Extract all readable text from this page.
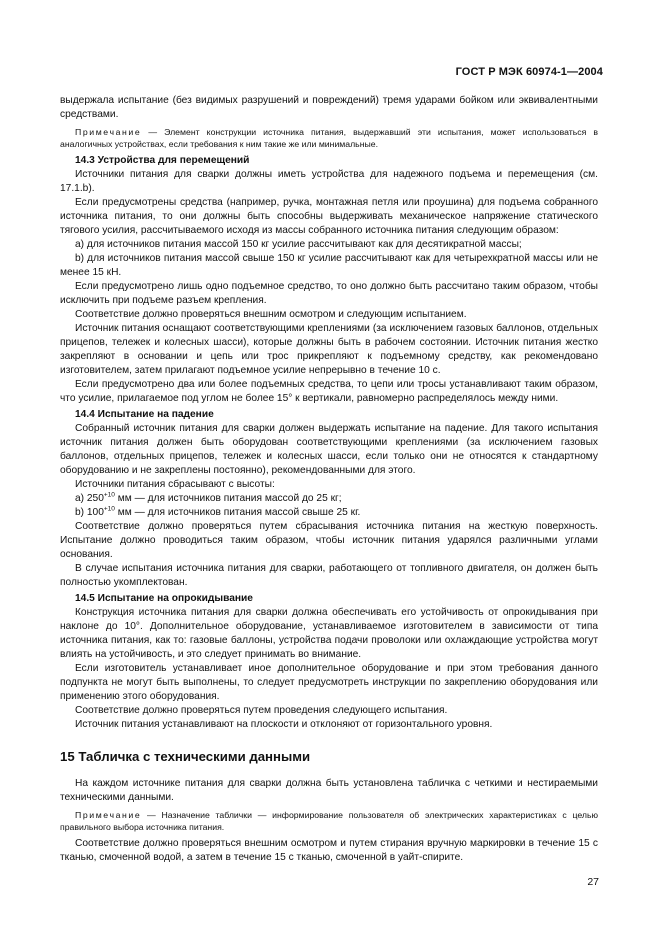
ГОСТ Р МЭК 60974-1—2004

выдержала испытание (без видимых разрушений и повреждений) тремя ударами бойком или эквивалентными средствами.

Примечание — Элемент конструкции источника питания, выдержавший эти испытания, может использоваться в аналогичных устройствах, если требования к ним такие же или минимальные.

14.3 Устройства для перемещений

Источники питания для сварки должны иметь устройства для надежного подъема и перемещения (см. 17.1.b).

Если предусмотрены средства (например, ручка, монтажная петля или проушина) для подъема собранного источника питания, то они должны быть способны выдерживать механическое напряжение статического тягового усилия, рассчитываемого исходя из массы собранного источника питания следующим образом:

a) для источников питания массой 150 кг усилие рассчитывают как для десятикратной массы;

b) для источников питания массой свыше 150 кг усилие рассчитывают как для четырехкратной массы или не менее 15 кН.

Если предусмотрено лишь одно подъемное средство, то оно должно быть рассчитано таким образом, чтобы исключить при подъеме разъем крепления.

Соответствие должно проверяться внешним осмотром и следующим испытанием.

Источник питания оснащают соответствующими креплениями (за исключением газовых баллонов, отдельных прицепов, тележек и колесных шасси), которые должны быть в рабочем состоянии. Источник питания жестко закрепляют в основании и цепь или трос прикрепляют к подъемному средству, как рекомендовано изготовителем, затем прилагают подъемное усилие непрерывно в течение 10 с.

Если предусмотрено два или более подъемных средства, то цепи или тросы устанавливают таким образом, что усилие, прилагаемое под углом не более 15° к вертикали, равномерно распределялось между ними.

14.4 Испытание на падение

Собранный источник питания для сварки должен выдержать испытание на падение. Для такого испытания источник питания должен быть оборудован соответствующими креплениями (за исключением газовых баллонов, отдельных прицепов, тележек и колесных шасси, если только они не относятся к стандартному оборудованию и не закреплены постоянно), рекомендованными для этого.

Источники питания сбрасывают с высоты:

a) $250^{+10}$ мм — для источников питания массой до 25 кг;

b) $100^{+10}$ мм — для источников питания массой свыше 25 кг.

Соответствие должно проверяться путем сбрасывания источника питания на жесткую поверхность. Испытание должно проводиться таким образом, чтобы источник питания ударялся различными углами основания.

В случае испытания источника питания для сварки, работающего от топливного двигателя, он должен быть полностью укомплектован.

14.5 Испытание на опрокидывание

Конструкция источника питания для сварки должна обеспечивать его устойчивость от опрокидывания при наклоне до 10°. Дополнительное оборудование, устанавливаемое изготовителем в зависимости от типа источника питания, как то: газовые баллоны, устройства подачи проволоки или охлаждающие устройства могут влиять на устойчивость, и это следует принимать во внимание.

Если изготовитель устанавливает иное дополнительное оборудование и при этом требования данного подпункта не могут быть выполнены, то следует предусмотреть инструкции по закреплению оборудования или применению этого оборудования.

Соответствие должно проверяться путем проведения следующего испытания.

Источник питания устанавливают на плоскости и отклоняют от горизонтального уровня.

15 Табличка с техническими данными

На каждом источнике питания для сварки должна быть установлена табличка с четкими и нестираемыми техническими данными.

Примечание — Назначение таблички — информирование пользователя об электрических характеристиках с целью правильного выбора источника питания.

Соответствие должно проверяться внешним осмотром и путем стирания вручную маркировки в течение 15 с тканью, смоченной водой, а затем в течение 15 с тканью, смоченной в уайт-спирите.

27
